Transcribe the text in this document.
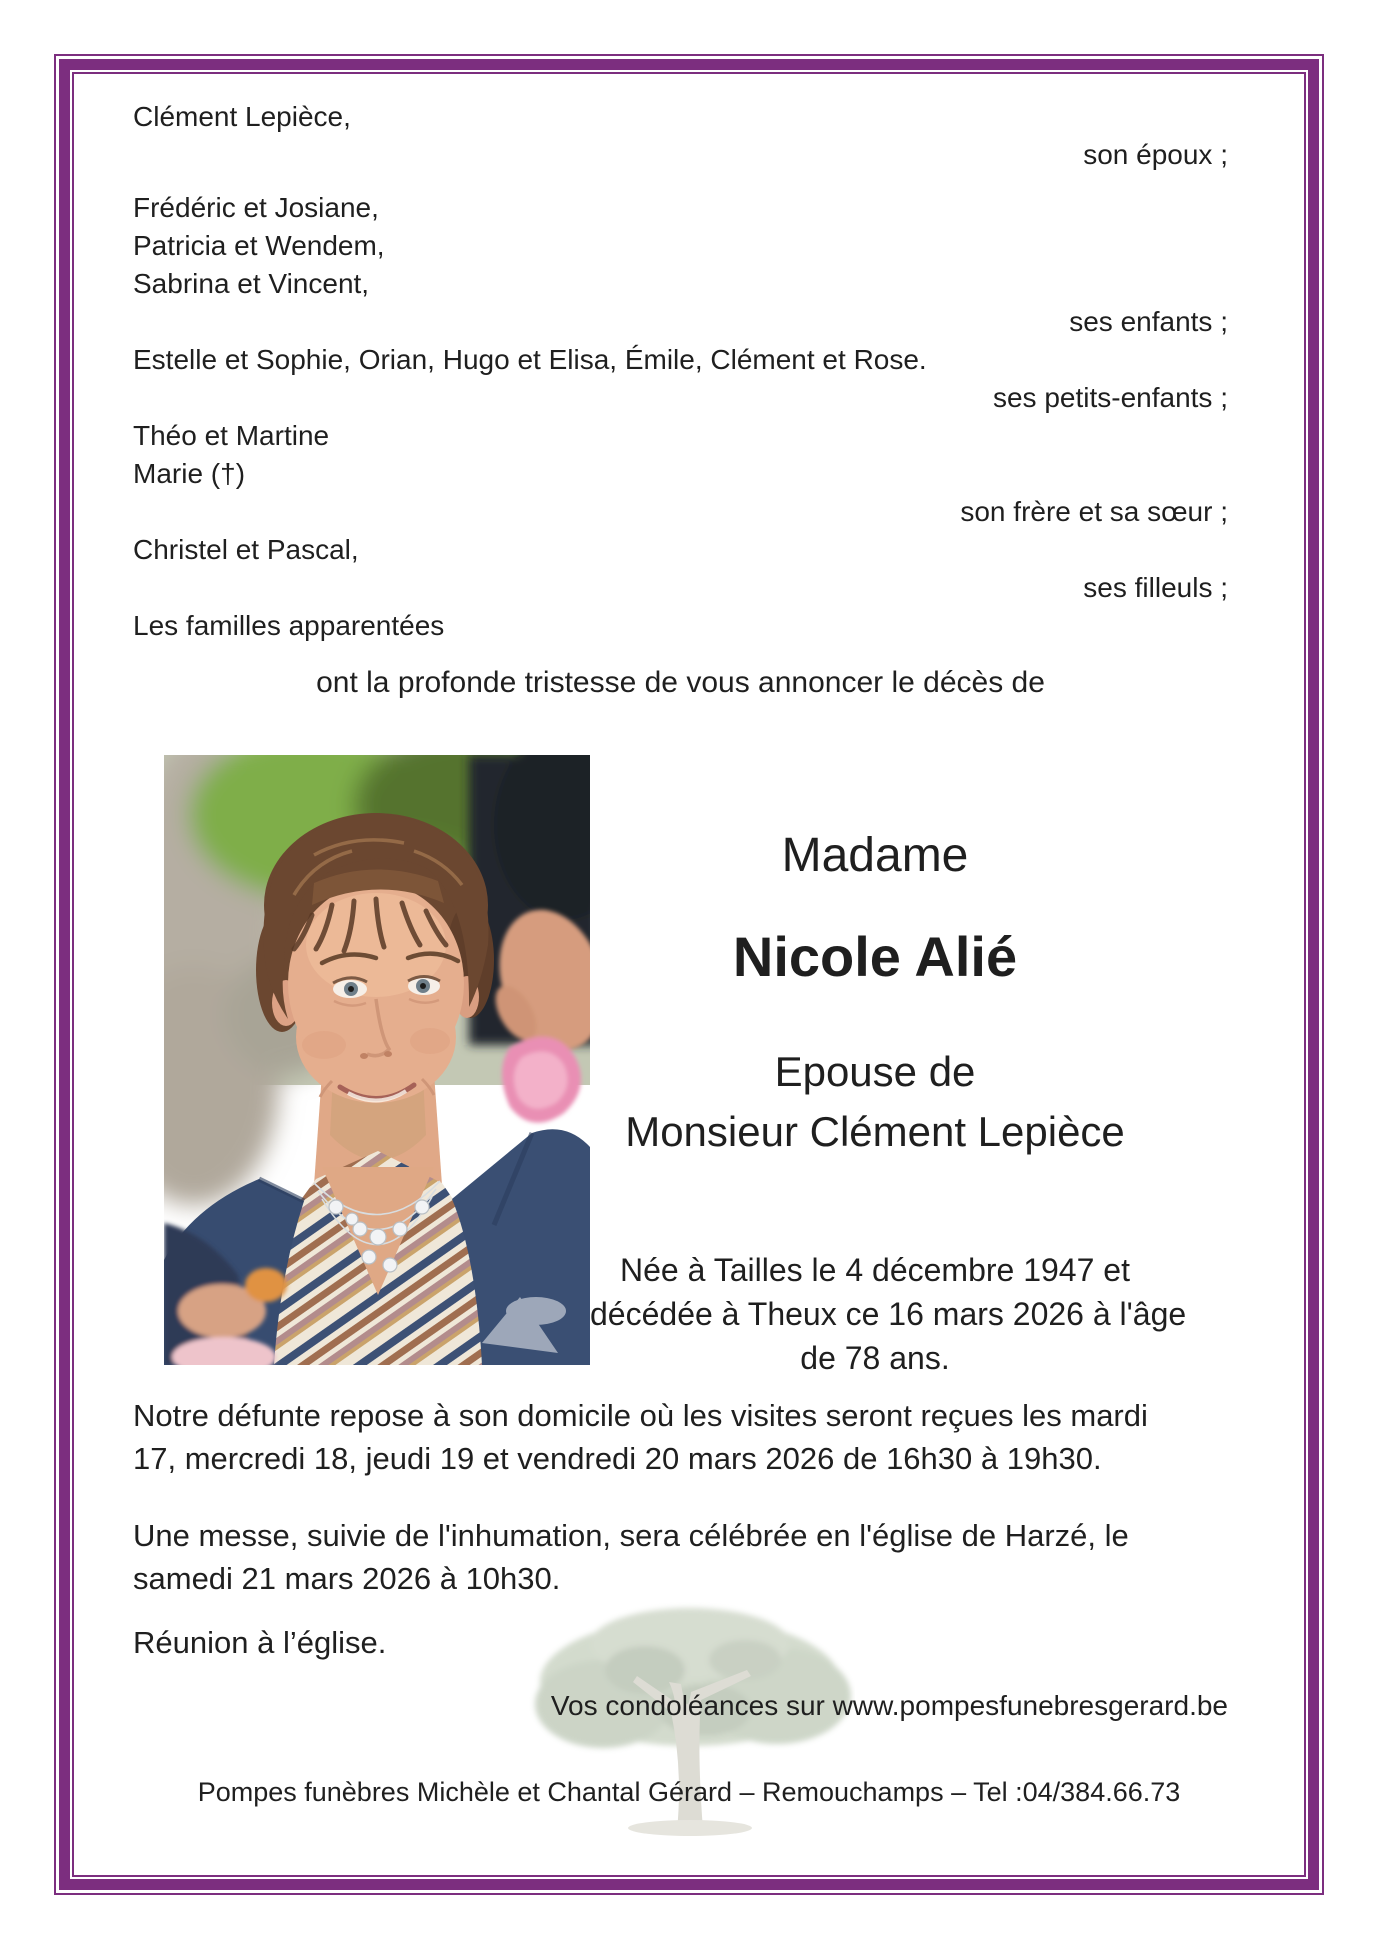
Clément Lepièce,
son époux ;
Frédéric et Josiane,
Patricia et Wendem,
Sabrina et Vincent,
ses enfants ;
Estelle et Sophie, Orian, Hugo et Elisa, Émile, Clément et Rose.
ses petits-enfants ;
Théo et Martine
Marie (†)
son frère et sa sœur ;
Christel et Pascal,
ses filleuls ;
Les familles apparentées
ont la profonde tristesse de vous annoncer le décès de
Madame
Nicole Alié
Epouse de
Monsieur Clément Lepièce
Née à Tailles le 4 décembre 1947 et
décédée à Theux ce 16 mars 2026 à l'âge
de 78 ans.
Notre défunte repose à son domicile où les visites seront reçues les mardi
17, mercredi 18, jeudi 19 et vendredi 20 mars 2026 de 16h30 à 19h30.
Une messe, suivie de l'inhumation, sera célébrée en l'église de Harzé, le
samedi 21 mars 2026 à 10h30.
Réunion à l’église.
Vos condoléances sur www.pompesfunebresgerard.be
Pompes funèbres Michèle et Chantal Gérard – Remouchamps – Tel :04/384.66.73
